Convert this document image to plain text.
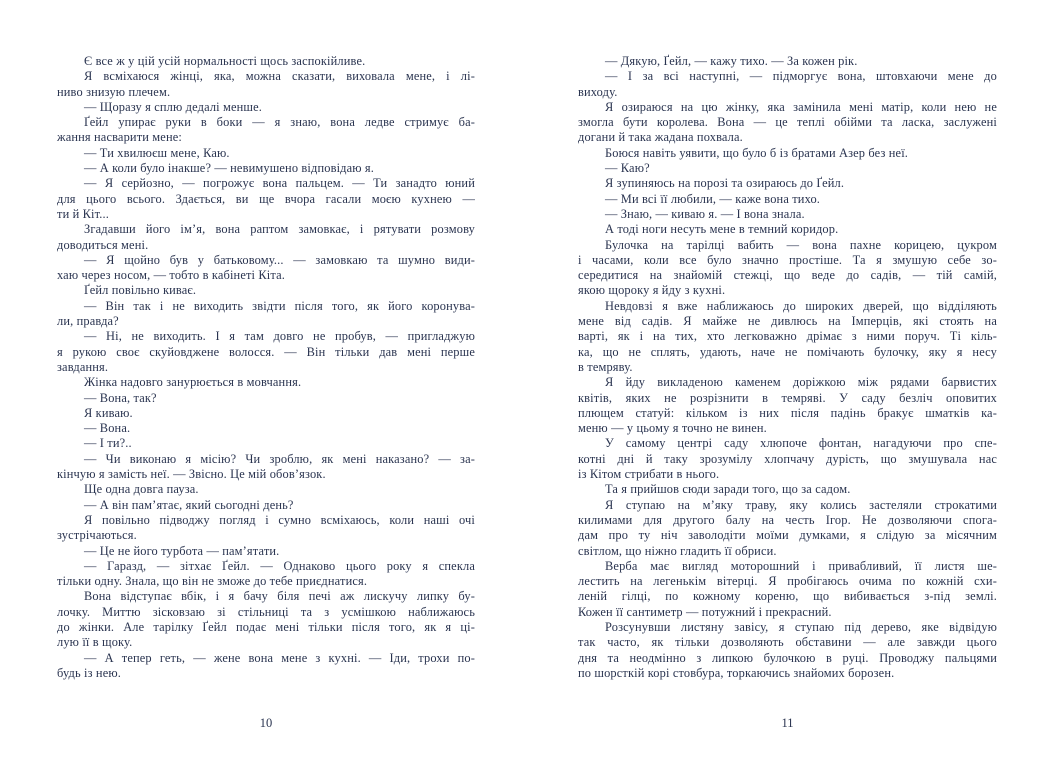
Є все ж у цій усій нормальності щось заспокійливе.
Я всміхаюся жінці, яка, можна сказати, виховала мене, і лі-
ниво знизую плечем.
— Щоразу я сплю дедалі менше.
Ґейл упирає руки в боки — я знаю, вона ледве стримує ба-
жання насварити мене:
— Ти хвилюєш мене, Каю.
— А коли було інакше? — невимушено відповідаю я.
— Я серйозно, — погрожує вона пальцем. — Ти занадто юний
для цього всього. Здається, ви ще вчора гасали моєю кухнею —
ти й Кіт...
Згадавши його ім’я, вона раптом замовкає, і рятувати розмову
доводиться мені.
— Я щойно був у батьковому... — замовкаю та шумно види-
хаю через носом, — тобто в кабінеті Кіта.
Ґейл повільно киває.
— Він так і не виходить звідти після того, як його коронува-
ли, правда?
— Ні, не виходить. І я там довго не пробув, — пригладжую
я рукою своє скуйовджене волосся. — Він тільки дав мені перше
завдання.
Жінка надовго занурюється в мовчання.
— Вона, так?
Я киваю.
— Вона.
— І ти?..
— Чи виконаю я місію? Чи зроблю, як мені наказано? — за-
кінчую я замість неї. — Звісно. Це мій обов’язок.
Ще одна довга пауза.
— А він пам’ятає, який сьогодні день?
Я повільно підводжу погляд і сумно всміхаюсь, коли наші очі
зустрічаються.
— Це не його турбота — пам’ятати.
— Гаразд, — зітхає Ґейл. — Однаково цього року я спекла
тільки одну. Знала, що він не зможе до тебе приєднатися.
Вона відступає вбік, і я бачу біля печі аж лискучу липку бу-
лочку. Миттю зісковзаю зі стільниці та з усмішкою наближаюсь
до жінки. Але тарілку Ґейл подає мені тільки після того, як я ці-
лую її в щоку.
— А тепер геть, — жене вона мене з кухні. — Іди, трохи по-
будь із нею.
10
— Дякую, Ґейл, — кажу тихо. — За кожен рік.
— І за всі наступні, — підморгує вона, штовхаючи мене до
виходу.
Я озираюся на цю жінку, яка замінила мені матір, коли нею не
змогла бути королева. Вона — це теплі обійми та ласка, заслужені
догани й така жадана похвала.
Боюся навіть уявити, що було б із братами Азер без неї.
— Каю?
Я зупиняюсь на порозі та озираюсь до Ґейл.
— Ми всі її любили, — каже вона тихо.
— Знаю, — киваю я. — І вона знала.
А тоді ноги несуть мене в темний коридор.
Булочка на тарілці вабить — вона пахне корицею, цукром
і часами, коли все було значно простіше. Та я змушую себе зо-
середитися на знайомій стежці, що веде до садів, — тій самій,
якою щороку я йду з кухні.
Невдовзі я вже наближаюсь до широких дверей, що відділяють
мене від садів. Я майже не дивлюсь на Імперців, які стоять на
варті, як і на тих, хто легковажно дрімає з ними поруч. Ті кіль-
ка, що не сплять, удають, наче не помічають булочку, яку я несу
в темряву.
Я йду викладеною каменем доріжкою між рядами барвистих
квітів, яких не розрізнити в темряві. У саду безліч оповитих
плющем статуй: кільком із них після падінь бракує шматків ка-
меню — у цьому я точно не винен.
У самому центрі саду хлюпоче фонтан, нагадуючи про спе-
котні дні й таку зрозумілу хлопчачу дурість, що змушувала нас
із Кітом стрибати в нього.
Та я прийшов сюди заради того, що за садом.
Я ступаю на м’яку траву, яку колись застеляли строкатими
килимами для другого балу на честь Ігор. Не дозволяючи спога-
дам про ту ніч заволодіти моїми думками, я слідую за місячним
світлом, що ніжно гладить її обриси.
Верба має вигляд моторошний і привабливий, її листя ше-
лестить на легенькім вітерці. Я пробігаюсь очима по кожній схи-
леній гілці, по кожному кореню, що вибивається з-під землі.
Кожен її сантиметр — потужний і прекрасний.
Розсунувши листяну завісу, я ступаю під дерево, яке відвідую
так часто, як тільки дозволяють обставини — але завжди цього
дня та неодмінно з липкою булочкою в руці. Проводжу пальцями
по шорсткій корі стовбура, торкаючись знайомих борозен.
11
